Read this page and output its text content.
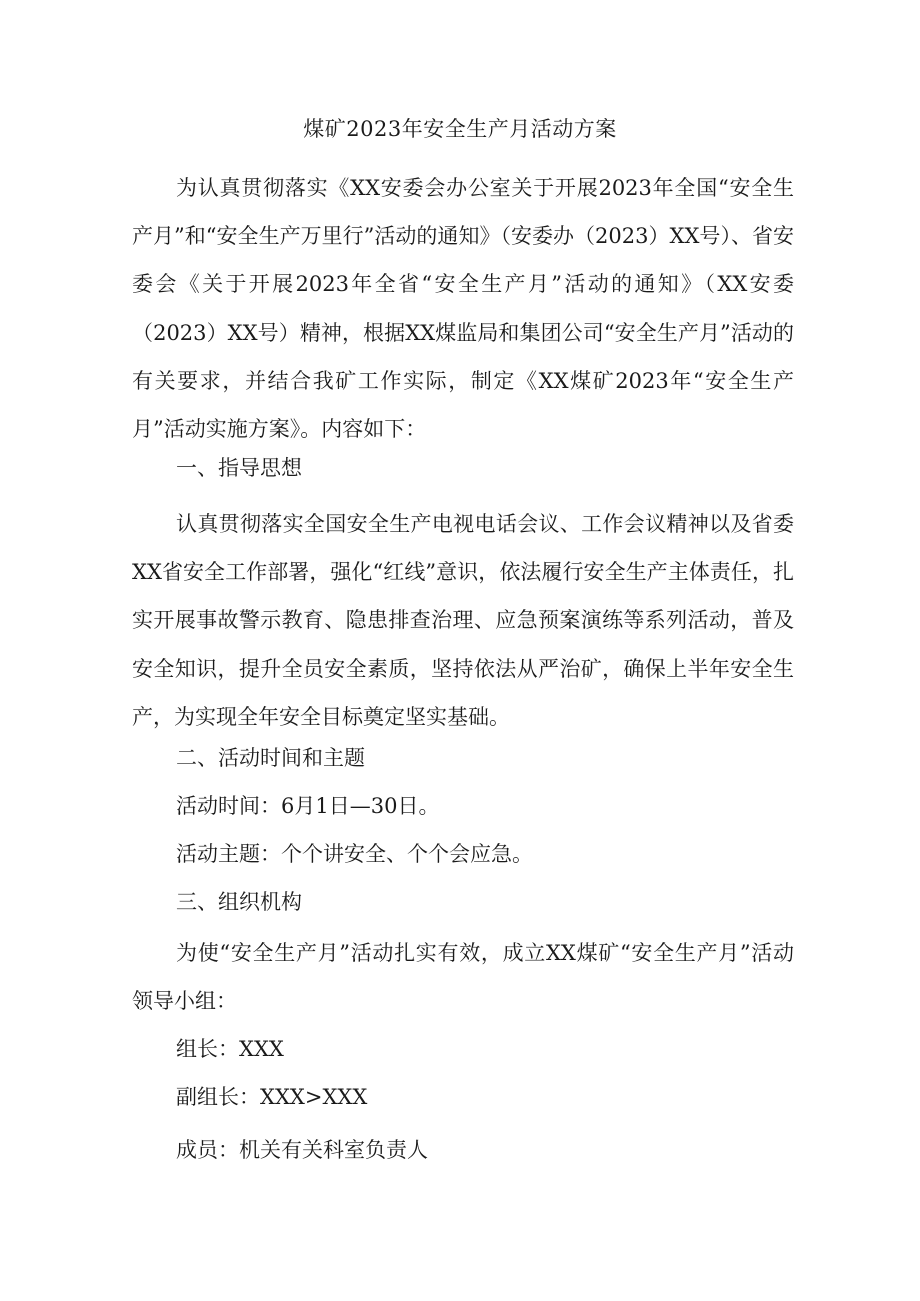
煤矿2023年安全生产月活动方案

为认真贯彻落实《XX安委会办公室关于开展2023年全国“安全生产月”和“安全生产万里行”活动的通知》（安委办（2023）XX号）、省安委会《关于开展2023年全省“安全生产月”活动的通知》（XX安委（2023）XX号）精神，根据XX煤监局和集团公司“安全生产月”活动的有关要求，并结合我矿工作实际，制定《XX煤矿2023年“安全生产月”活动实施方案》。内容如下：

一、指导思想

认真贯彻落实全国安全生产电视电话会议、工作会议精神以及省委XX省安全工作部署，强化“红线”意识，依法履行安全生产主体责任，扎实开展事故警示教育、隐患排查治理、应急预案演练等系列活动，普及安全知识，提升全员安全素质，坚持依法从严治矿，确保上半年安全生产，为实现全年安全目标奠定坚实基础。

二、活动时间和主题

活动时间：6月1日—30日。

活动主题：个个讲安全、个个会应急。

三、组织机构

为使“安全生产月”活动扎实有效，成立XX煤矿“安全生产月”活动领导小组：

组长：XXX

副组长：XXX>XXX

成员：机关有关科室负责人
